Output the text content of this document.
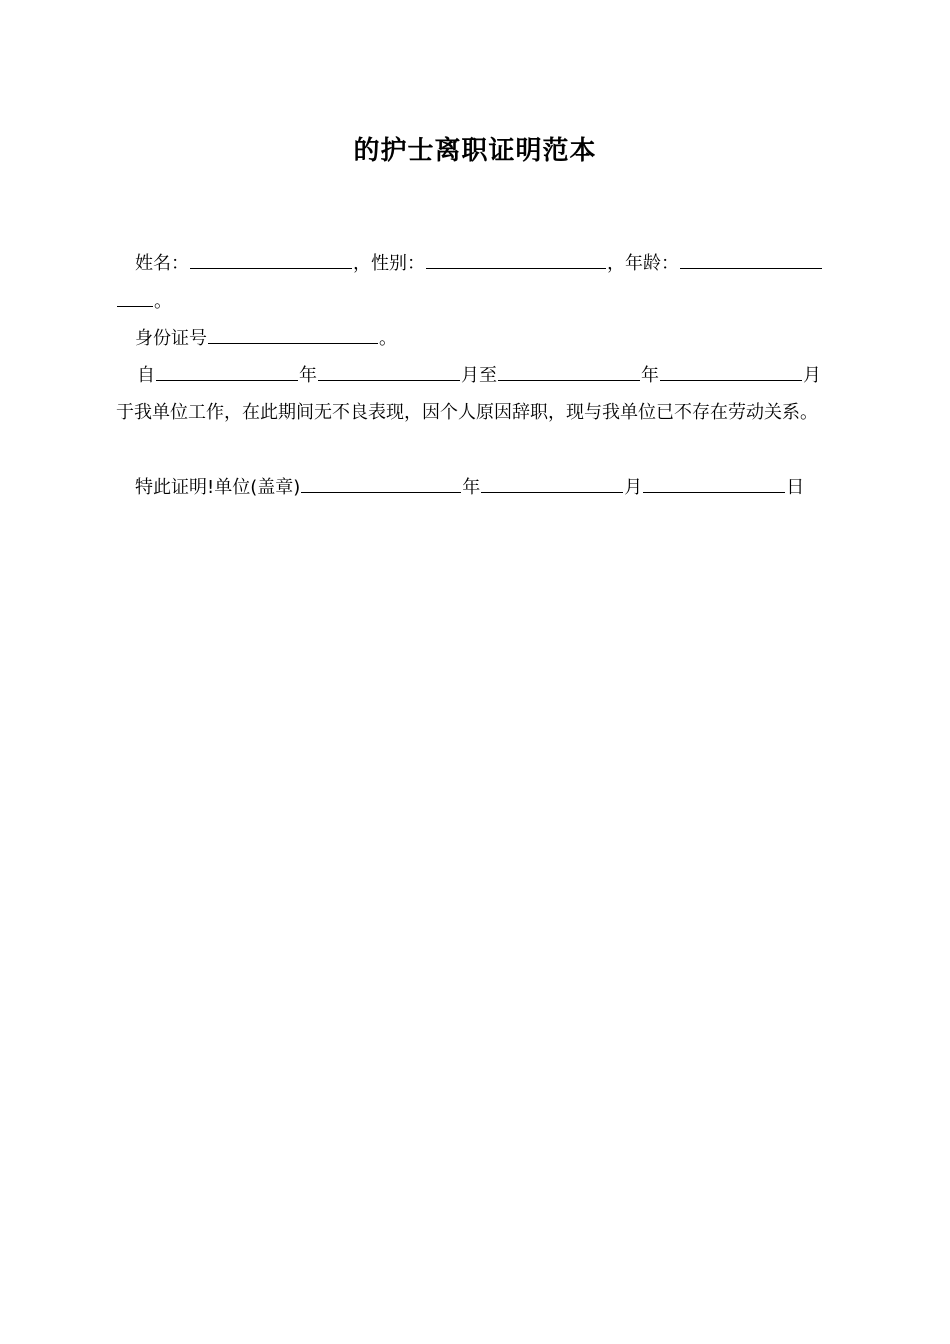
的护士离职证明范本
姓名：	，性别：	，年龄：
。
身份证号	。
自	年	月至	年	月
于我单位工作，在此期间无不良表现，因个人原因辞职，现与我单位已不存在劳动关系。
特此证明!单位(盖章)	年	月	日
